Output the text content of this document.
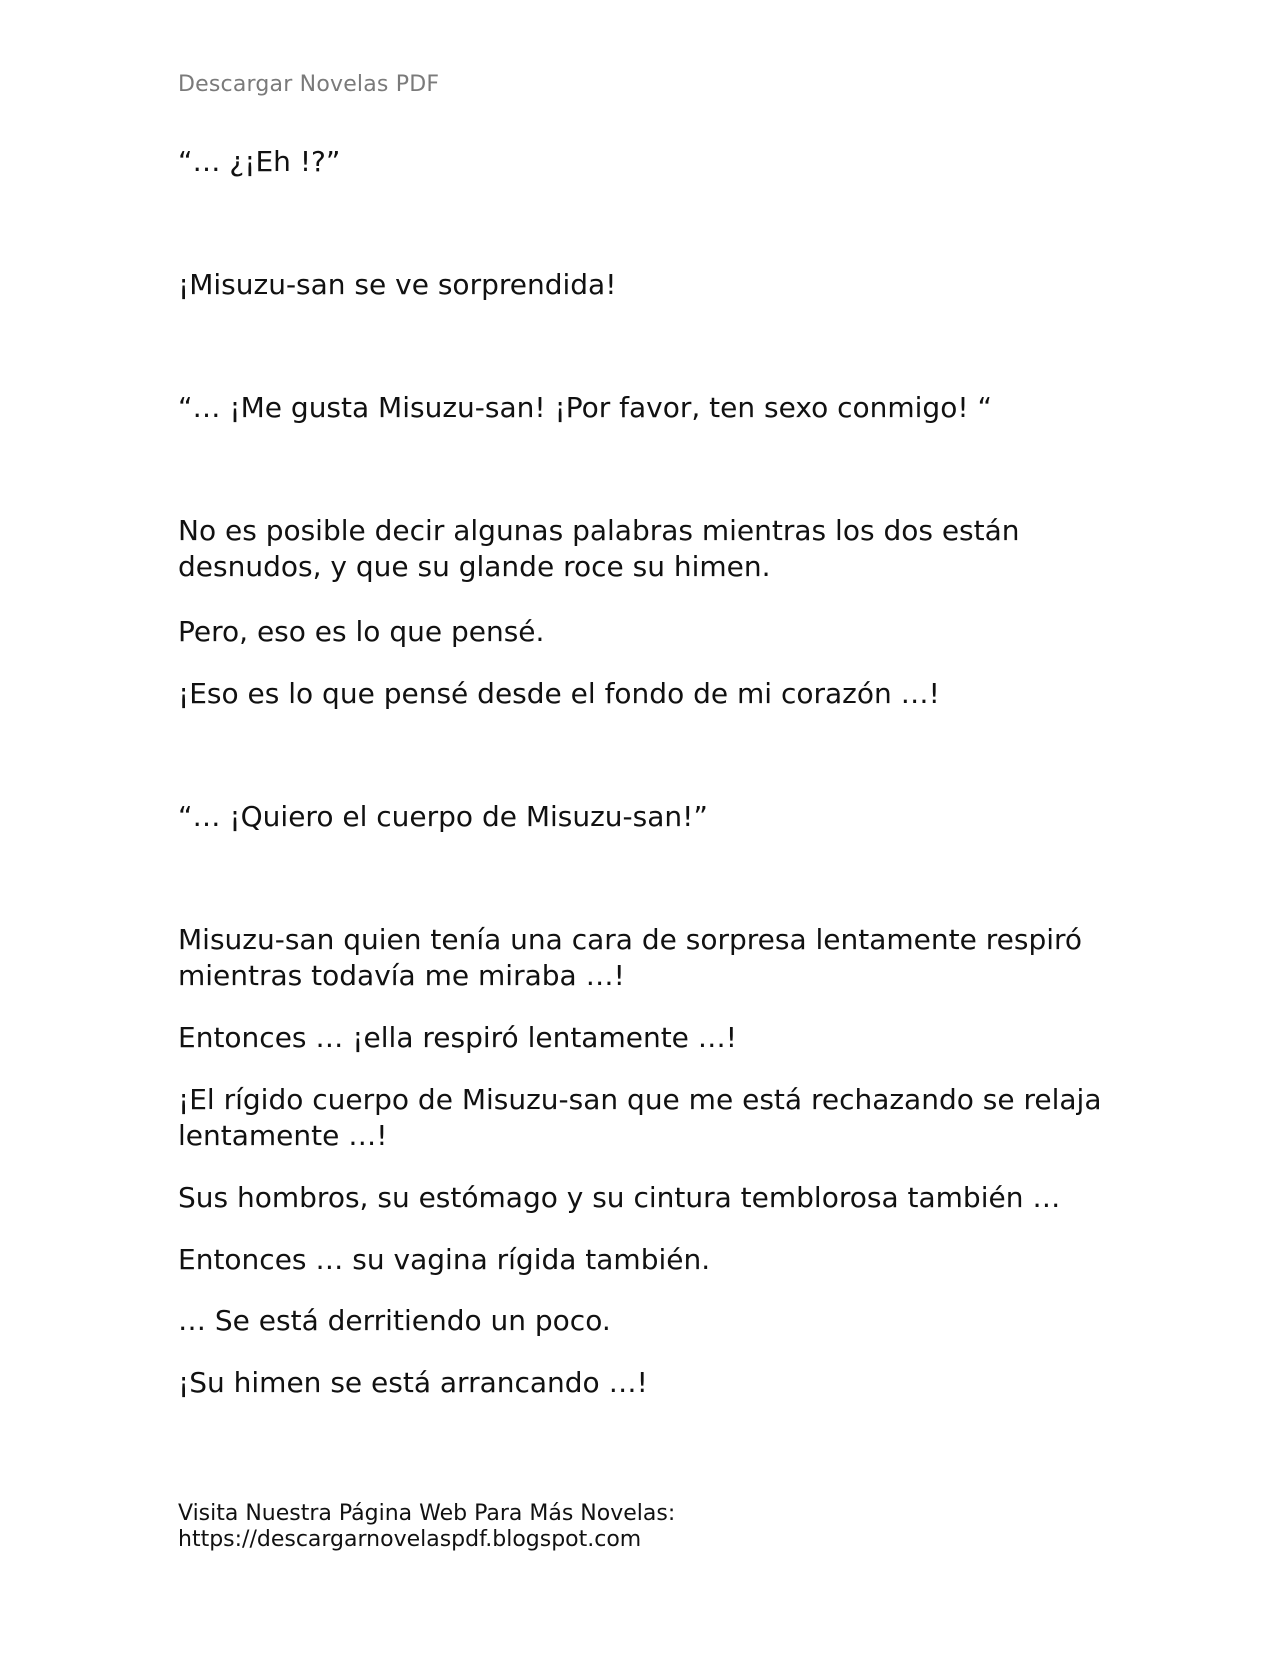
Descargar Novelas PDF

“… ¿¡Eh !?”

¡Misuzu-san se ve sorprendida!

“… ¡Me gusta Misuzu-san! ¡Por favor, ten sexo conmigo! “

No es posible decir algunas palabras mientras los dos están desnudos, y que su glande roce su himen.

Pero, eso es lo que pensé.

¡Eso es lo que pensé desde el fondo de mi corazón …!

“… ¡Quiero el cuerpo de Misuzu-san!”

Misuzu-san quien tenía una cara de sorpresa lentamente respiró mientras todavía me miraba …!

Entonces … ¡ella respiró lentamente …!

¡El rígido cuerpo de Misuzu-san que me está rechazando se relaja lentamente …!

Sus hombros, su estómago y su cintura temblorosa también …

Entonces … su vagina rígida también.

… Se está derritiendo un poco.

¡Su himen se está arrancando …!

Visita Nuestra Página Web Para Más Novelas:
https://descargarnovelaspdf.blogspot.com
